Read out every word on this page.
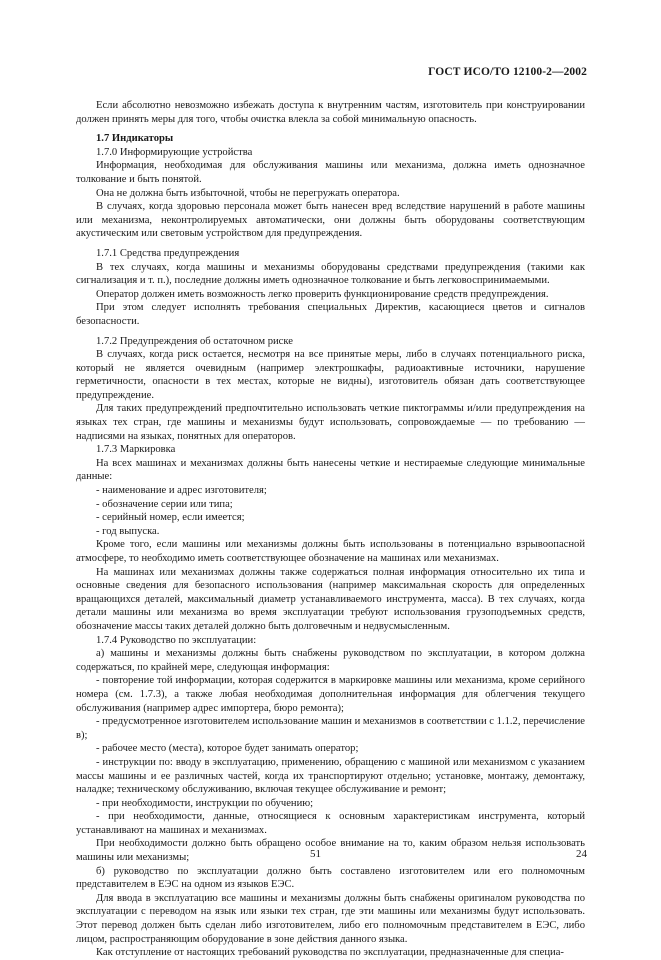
ГОСТ ИСО/ТО 12100-2—2002

Если абсолютно невозможно избежать доступа к внутренним частям, изготовитель при конструировании должен принять меры для того, чтобы очистка влекла за собой минимальную опасность.

1.7 Индикаторы

1.7.0 Информирующие устройства

Информация, необходимая для обслуживания машины или механизма, должна иметь однозначное толкование и быть понятой.

Она не должна быть избыточной, чтобы не перегружать оператора.

В случаях, когда здоровью персонала может быть нанесен вред вследствие нарушений в работе машины или механизма, неконтролируемых автоматически, они должны быть оборудованы соответствующим акустическим или световым устройством для предупреждения.

1.7.1 Средства предупреждения

В тех случаях, когда машины и механизмы оборудованы средствами предупреждения (такими как сигнализация и т. п.), последние должны иметь однозначное толкование и быть легковоспринимаемыми.

Оператор должен иметь возможность легко проверить функционирование средств предупреждения.

При этом следует исполнять требования специальных Директив, касающиеся цветов и сигналов безопасности.

1.7.2 Предупреждения об остаточном риске

В случаях, когда риск остается, несмотря на все принятые меры, либо в случаях потенциального риска, который не является очевидным (например электрошкафы, радиоактивные источники, нарушение герметичности, опасности в тех местах, которые не видны), изготовитель обязан дать соответствующее предупреждение.

Для таких предупреждений предпочтительно использовать четкие пиктограммы и/или предупреждения на языках тех стран, где машины и механизмы будут использовать, сопровождаемые — по требованию — надписями на языках, понятных для операторов.

1.7.3 Маркировка

На всех машинах и механизмах должны быть нанесены четкие и нестираемые следующие минимальные данные:

- наименование и адрес изготовителя;

- обозначение серии или типа;

- серийный номер, если имеется;

- год выпуска.

Кроме того, если машины или механизмы должны быть использованы в потенциально взрывоопасной атмосфере, то необходимо иметь соответствующее обозначение на машинах или механизмах.

На машинах или механизмах должны также содержаться полная информация относительно их типа и основные сведения для безопасного использования (например максимальная скорость для определенных вращающихся деталей, максимальный диаметр устанавливаемого инструмента, масса). В тех случаях, когда детали машины или механизма во время эксплуатации требуют использования грузоподъемных средств, обозначение массы таких деталей должно быть долговечным и недвусмысленным.

1.7.4 Руководство по эксплуатации:

а) машины и механизмы должны быть снабжены руководством по эксплуатации, в котором должна содержаться, по крайней мере, следующая информация:

- повторение той информации, которая содержится в маркировке машины или механизма, кроме серийного номера (см. 1.7.3), а также любая необходимая дополнительная информация для облегчения текущего обслуживания (например адрес импортера, бюро ремонта);

- предусмотренное изготовителем использование машин и механизмов в соответствии с 1.1.2, перечисление в);

- рабочее место (места), которое будет занимать оператор;

- инструкции по: вводу в эксплуатацию, применению, обращению с машиной или механизмом с указанием массы машины и ее различных частей, когда их транспортируют отдельно; установке, монтажу, демонтажу, наладке; техническому обслуживанию, включая текущее обслуживание и ремонт;

- при необходимости, инструкции по обучению;

- при необходимости, данные, относящиеся к основным характеристикам инструмента, который устанавливают на машинах и механизмах.

При необходимости должно быть обращено особое внимание на то, каким образом нельзя использовать машины или механизмы;

б) руководство по эксплуатации должно быть составлено изготовителем или его полномочным представителем в ЕЭС на одном из языков ЕЭС.

Для ввода в эксплуатацию все машины и механизмы должны быть снабжены оригиналом руководства по эксплуатации с переводом на язык или языки тех стран, где эти машины или механизмы будут использовать. Этот перевод должен быть сделан либо изготовителем, либо его полномочным представителем в ЕЭС, либо лицом, распространяющим оборудование в зоне действия данного языка.

Как отступление от настоящих требований руководства по эксплуатации, предназначенные для специа-

51	24
